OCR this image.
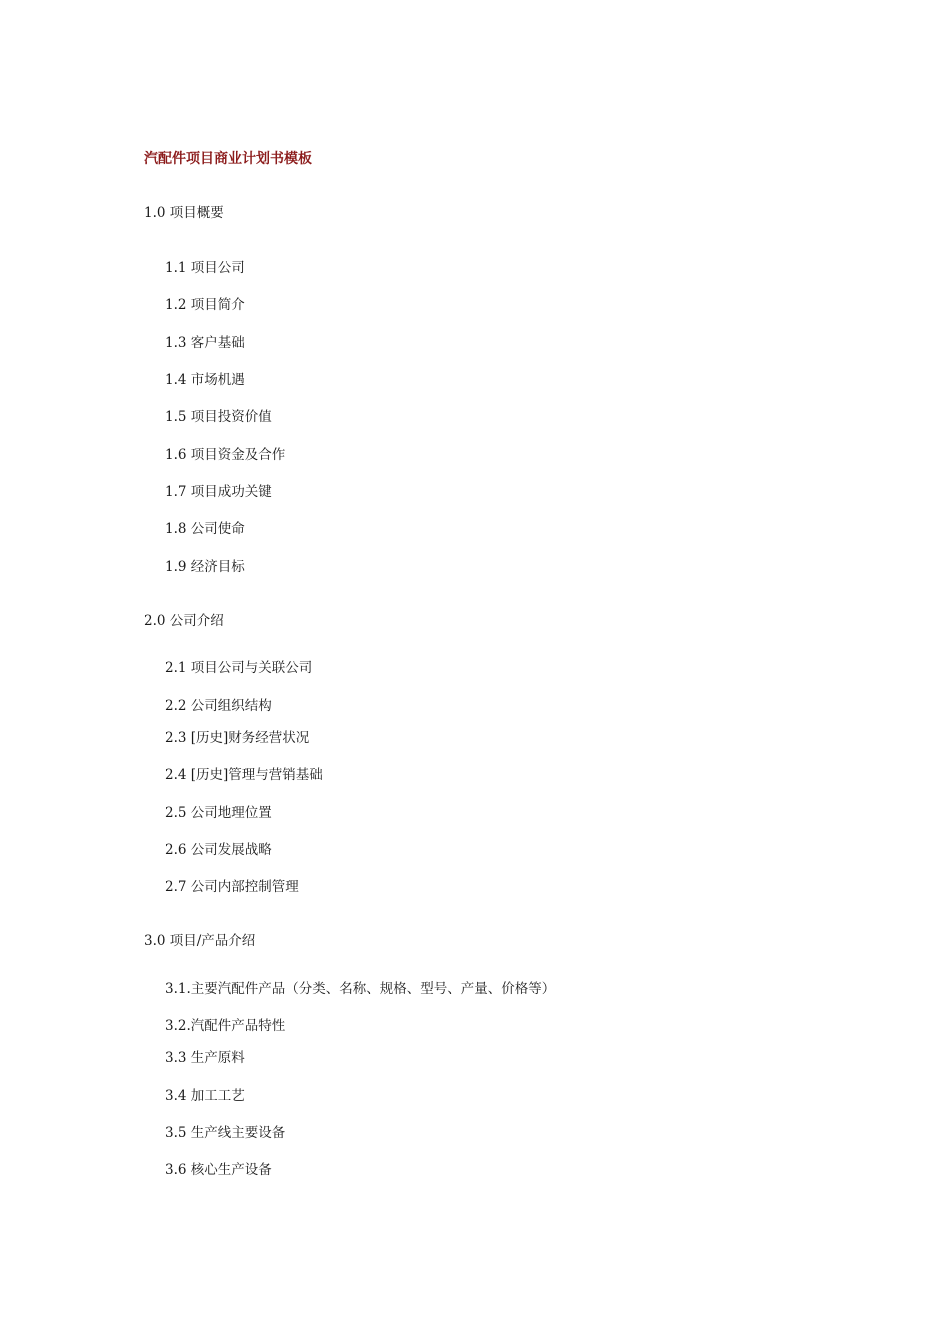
汽配件项目商业计划书模板
1.0 项目概要
1.1 项目公司
1.2 项目简介
1.3 客户基础
1.4 市场机遇
1.5 项目投资价值
1.6 项目资金及合作
1.7 项目成功关键
1.8 公司使命
1.9 经济目标
2.0 公司介绍
2.1 项目公司与关联公司
2.2 公司组织结构
2.3 [历史]财务经营状况
2.4 [历史]管理与营销基础
2.5 公司地理位置
2.6 公司发展战略
2.7 公司内部控制管理
3.0 项目/产品介绍
3.1.主要汽配件产品（分类、名称、规格、型号、产量、价格等）
3.2.汽配件产品特性
3.3 生产原料
3.4 加工工艺
3.5 生产线主要设备
3.6 核心生产设备
